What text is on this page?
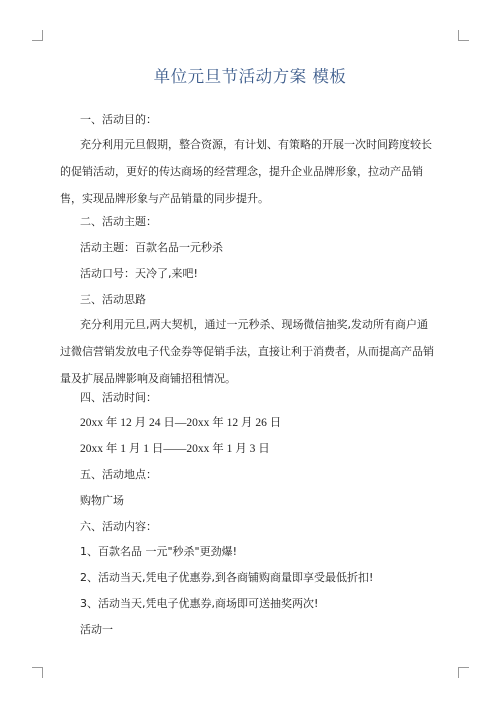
单位元旦节活动方案 模板
一、活动目的：
充分利用元旦假期，整合资源，有计划、有策略的开展一次时间跨度较长的促销活动，更好的传达商场的经营理念，提升企业品牌形象，拉动产品销售，实现品牌形象与产品销量的同步提升。
二、活动主题：
活动主题：百款名品一元秒杀
活动口号：天冷了,来吧!
三、活动思路
充分利用元旦,两大契机，通过一元秒杀、现场微信抽奖,发动所有商户通过微信营销发放电子代金券等促销手法，直接让利于消费者，从而提高产品销量及扩展品牌影响及商铺招租情况。
四、活动时间：
20xx 年 12 月 24 日—20xx 年 12 月 26 日
20xx 年 1 月 1 日——20xx 年 1 月 3 日
五、活动地点：
购物广场
六、活动内容：
1、百款名品 一元"秒杀"更劲爆!
2、活动当天,凭电子优惠券,到各商铺购商量即享受最低折扣!
3、活动当天,凭电子优惠券,商场即可送抽奖两次!
活动一
